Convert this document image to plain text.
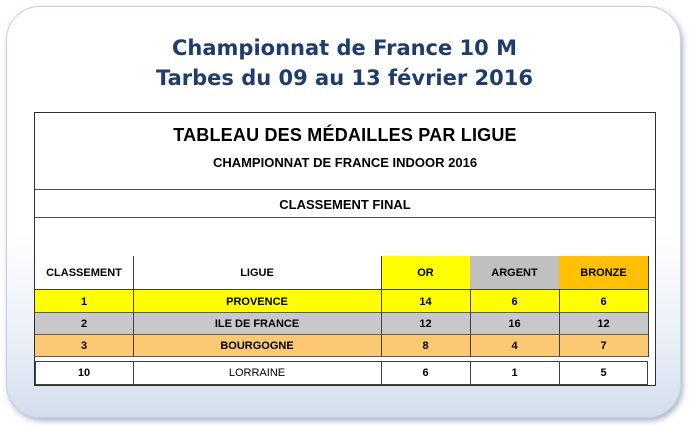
Championnat de France 10 M
Tarbes du 09 au 13 février 2016
TABLEAU DES MÉDAILLES PAR LIGUE
CHAMPIONNAT DE FRANCE INDOOR 2016
CLASSEMENT FINAL
CLASSEMENT	LIGUE	OR	ARGENT	BRONZE
1	PROVENCE	14	6	6
2	ILE DE FRANCE	12	16	12
3	BOURGOGNE	8	4	7
10	LORRAINE	6	1	5
